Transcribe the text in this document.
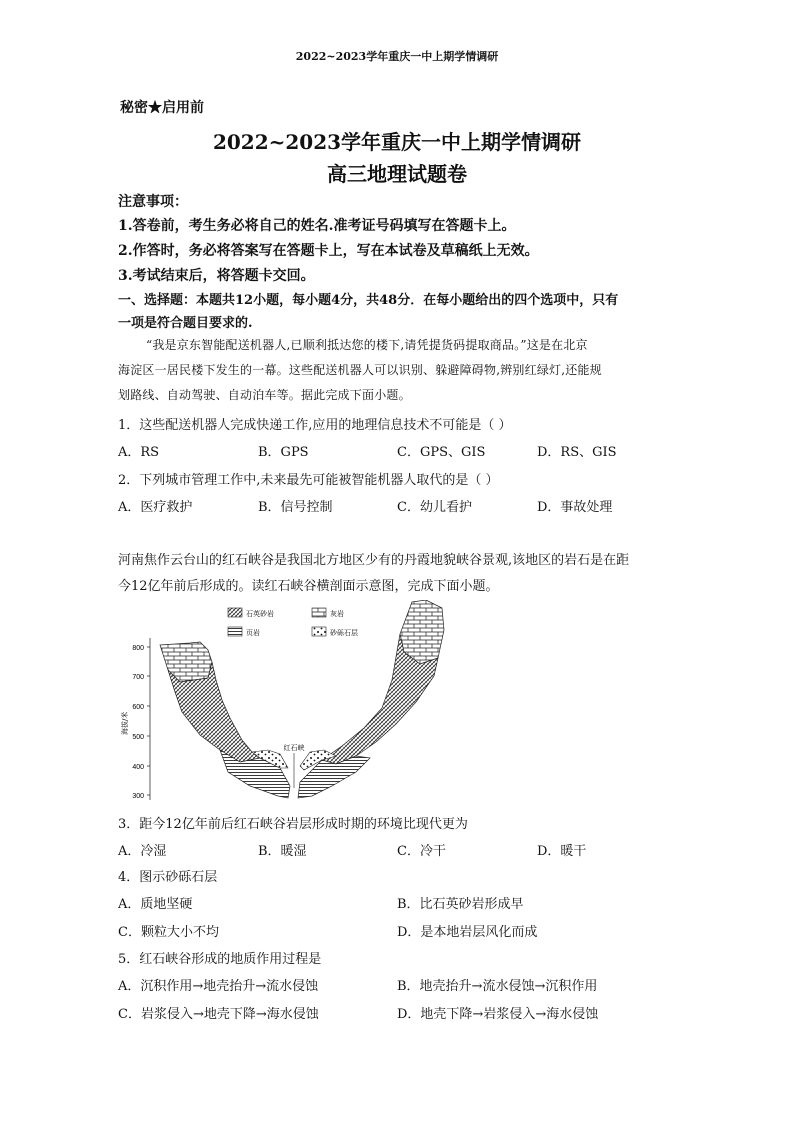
2022~2023学年重庆一中上期学情调研
秘密★启用前
2022~2023学年重庆一中上期学情调研
高三地理试题卷
注意事项：
1.答卷前，考生务必将自己的姓名.准考证号码填写在答题卡上。
2.作答时，务必将答案写在答题卡上，写在本试卷及草稿纸上无效。
3.考试结束后，将答题卡交回。
一、选择题：本题共12小题，每小题4分，共48分．在每小题给出的四个选项中，只有
一项是符合题目要求的.
“我是京东智能配送机器人,已顺利抵达您的楼下,请凭提货码提取商品。”这是在北京
海淀区一居民楼下发生的一幕。这些配送机器人可以识别、躲避障碍物,辨别红绿灯,还能规
划路线、自动驾驶、自动泊车等。据此完成下面小题。
1．这些配送机器人完成快递工作,应用的地理信息技术不可能是（ ）
A．RS	B．GPS	C．GPS、GIS	D．RS、GIS
2．下列城市管理工作中,未来最先可能被智能机器人取代的是（ ）
A．医疗救护	B．信号控制	C．幼儿看护	D．事故处理
河南焦作云台山的红石峡谷是我国北方地区少有的丹霞地貌峡谷景观,该地区的岩石是在距
今12亿年前后形成的。读红石峡谷横剖面示意图，完成下面小题。
800
700
600
500
400
300
海拔/米
石英砂岩	灰岩
页岩	砂砾石层
红石峡
3．距今12亿年前后红石峡谷岩层形成时期的环境比现代更为
A．冷湿	B．暖湿	C．冷干	D．暖干
4．图示砂砾石层
A．质地坚硬	B．比石英砂岩形成早
C．颗粒大小不均	D．是本地岩层风化而成
5．红石峡谷形成的地质作用过程是
A．沉积作用→地壳抬升→流水侵蚀	B．地壳抬升→流水侵蚀→沉积作用
C．岩浆侵入→地壳下降→海水侵蚀	D．地壳下降→岩浆侵入→海水侵蚀
